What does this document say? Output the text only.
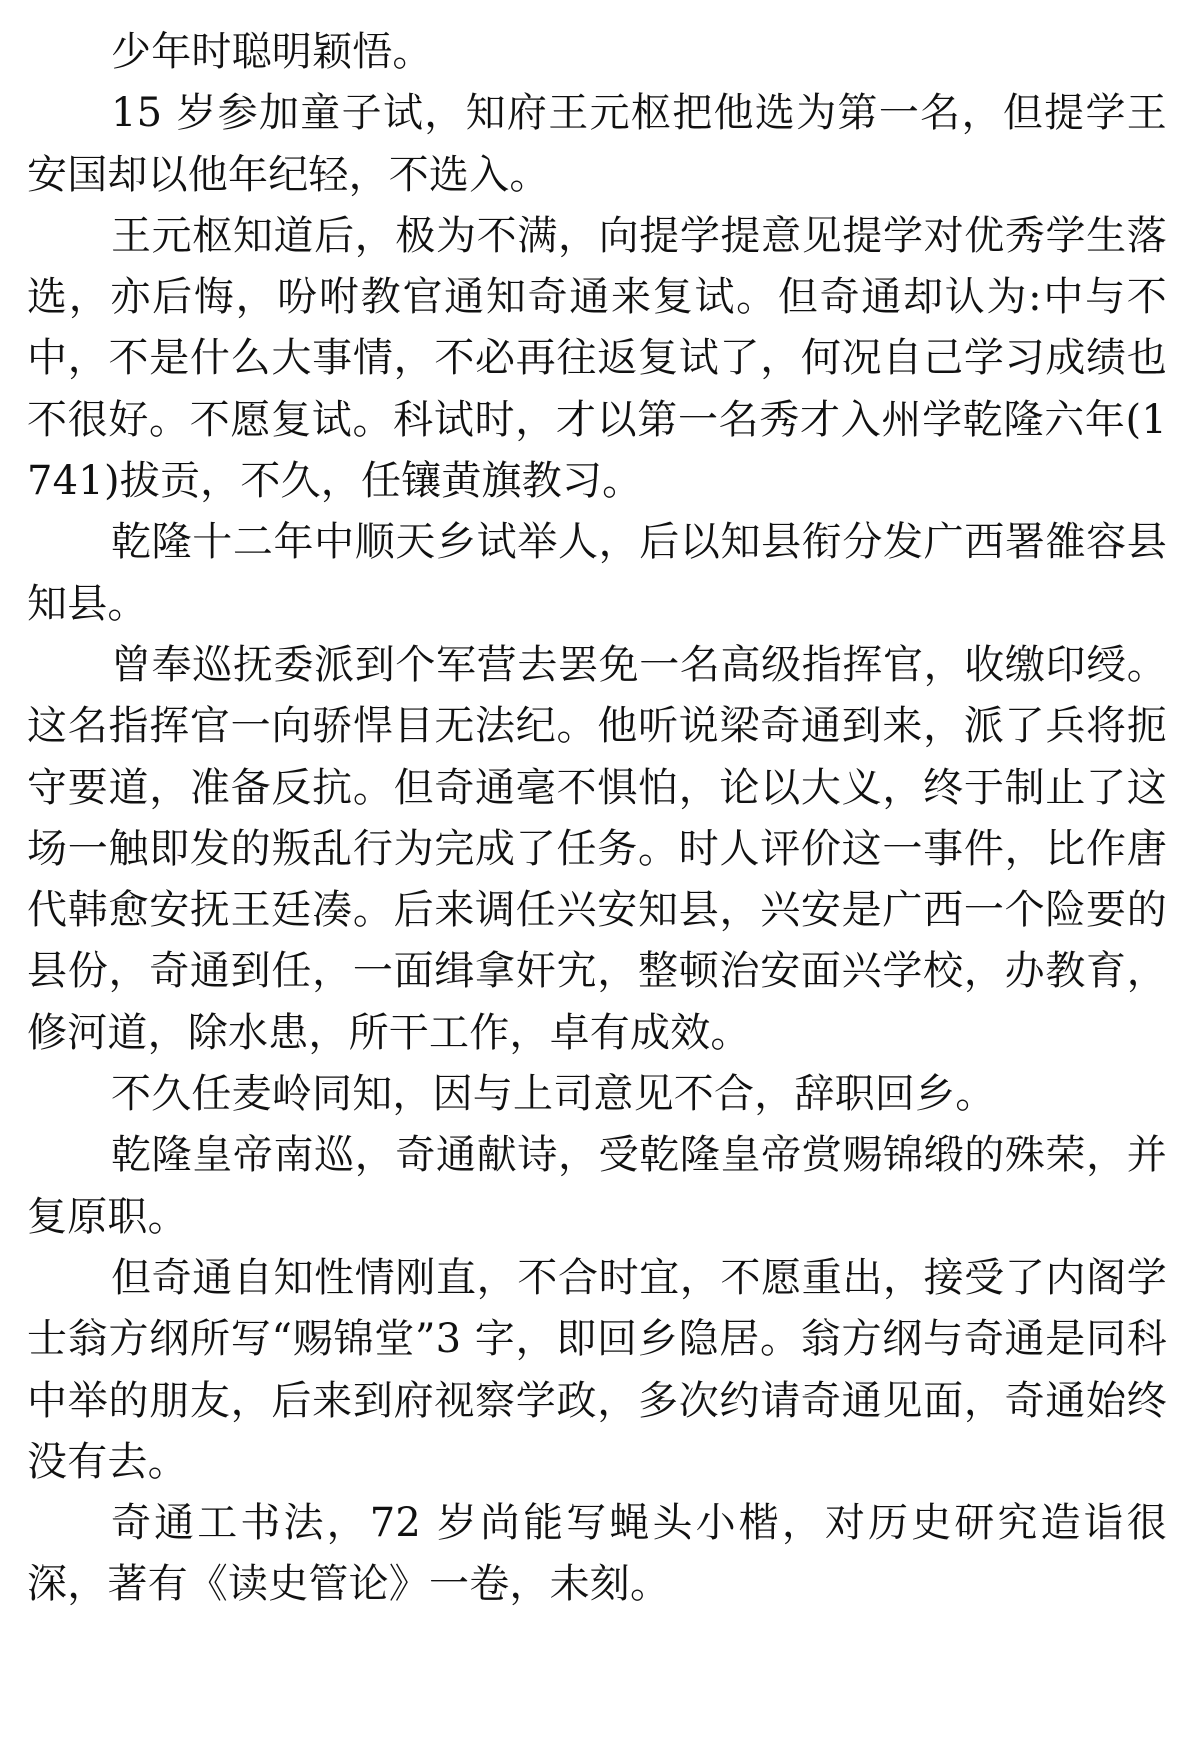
少年时聪明颖悟。

15 岁参加童子试，知府王元枢把他选为第一名，但提学王安国却以他年纪轻，不选入。

王元枢知道后，极为不满，向提学提意见提学对优秀学生落选，亦后悔，吩咐教官通知奇通来复试。但奇通却认为:中与不中，不是什么大事情，不必再往返复试了，何况自己学习成绩也不很好。不愿复试。科试时，才以第一名秀才入州学乾隆六年(1741)拔贡，不久，任镶黄旗教习。

乾隆十二年中顺天乡试举人，后以知县衔分发广西署雒容县知县。

曾奉巡抚委派到个军营去罢免一名高级指挥官，收缴印绶。这名指挥官一向骄悍目无法纪。他听说梁奇通到来，派了兵将扼守要道，准备反抗。但奇通毫不惧怕，论以大义，终于制止了这场一触即发的叛乱行为完成了任务。时人评价这一事件，比作唐代韩愈安抚王廷凑。后来调任兴安知县，兴安是广西一个险要的县份，奇通到任，一面缉拿奸宄，整顿治安面兴学校，办教育，修河道，除水患，所干工作，卓有成效。

不久任麦岭同知，因与上司意见不合，辞职回乡。

乾隆皇帝南巡，奇通献诗，受乾隆皇帝赏赐锦缎的殊荣，并复原职。

但奇通自知性情刚直，不合时宜，不愿重出，接受了内阁学士翁方纲所写“赐锦堂”3 字，即回乡隐居。翁方纲与奇通是同科中举的朋友，后来到府视察学政，多次约请奇通见面，奇通始终没有去。

奇通工书法，72 岁尚能写蝇头小楷，对历史研究造诣很深，著有《读史管论》一卷，未刻。
